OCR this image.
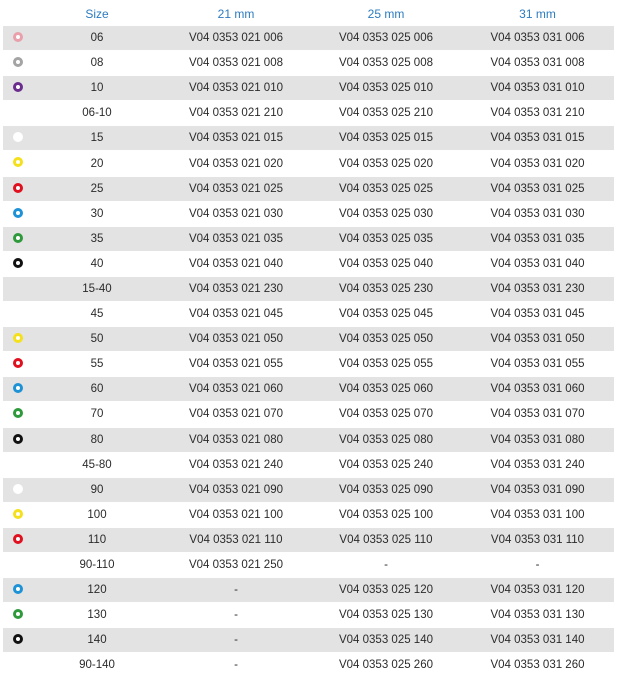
	Size	21 mm	25 mm	31 mm
	06	V04 0353 021 006	V04 0353 025 006	V04 0353 031 006
	08	V04 0353 021 008	V04 0353 025 008	V04 0353 031 008
	10	V04 0353 021 010	V04 0353 025 010	V04 0353 031 010
	06-10	V04 0353 021 210	V04 0353 025 210	V04 0353 031 210
	15	V04 0353 021 015	V04 0353 025 015	V04 0353 031 015
	20	V04 0353 021 020	V04 0353 025 020	V04 0353 031 020
	25	V04 0353 021 025	V04 0353 025 025	V04 0353 031 025
	30	V04 0353 021 030	V04 0353 025 030	V04 0353 031 030
	35	V04 0353 021 035	V04 0353 025 035	V04 0353 031 035
	40	V04 0353 021 040	V04 0353 025 040	V04 0353 031 040
	15-40	V04 0353 021 230	V04 0353 025 230	V04 0353 031 230
	45	V04 0353 021 045	V04 0353 025 045	V04 0353 031 045
	50	V04 0353 021 050	V04 0353 025 050	V04 0353 031 050
	55	V04 0353 021 055	V04 0353 025 055	V04 0353 031 055
	60	V04 0353 021 060	V04 0353 025 060	V04 0353 031 060
	70	V04 0353 021 070	V04 0353 025 070	V04 0353 031 070
	80	V04 0353 021 080	V04 0353 025 080	V04 0353 031 080
	45-80	V04 0353 021 240	V04 0353 025 240	V04 0353 031 240
	90	V04 0353 021 090	V04 0353 025 090	V04 0353 031 090
	100	V04 0353 021 100	V04 0353 025 100	V04 0353 031 100
	110	V04 0353 021 110	V04 0353 025 110	V04 0353 031 110
	90-110	V04 0353 021 250	-	-
	120	-	V04 0353 025 120	V04 0353 031 120
	130	-	V04 0353 025 130	V04 0353 031 130
	140	-	V04 0353 025 140	V04 0353 031 140
	90-140	-	V04 0353 025 260	V04 0353 031 260
